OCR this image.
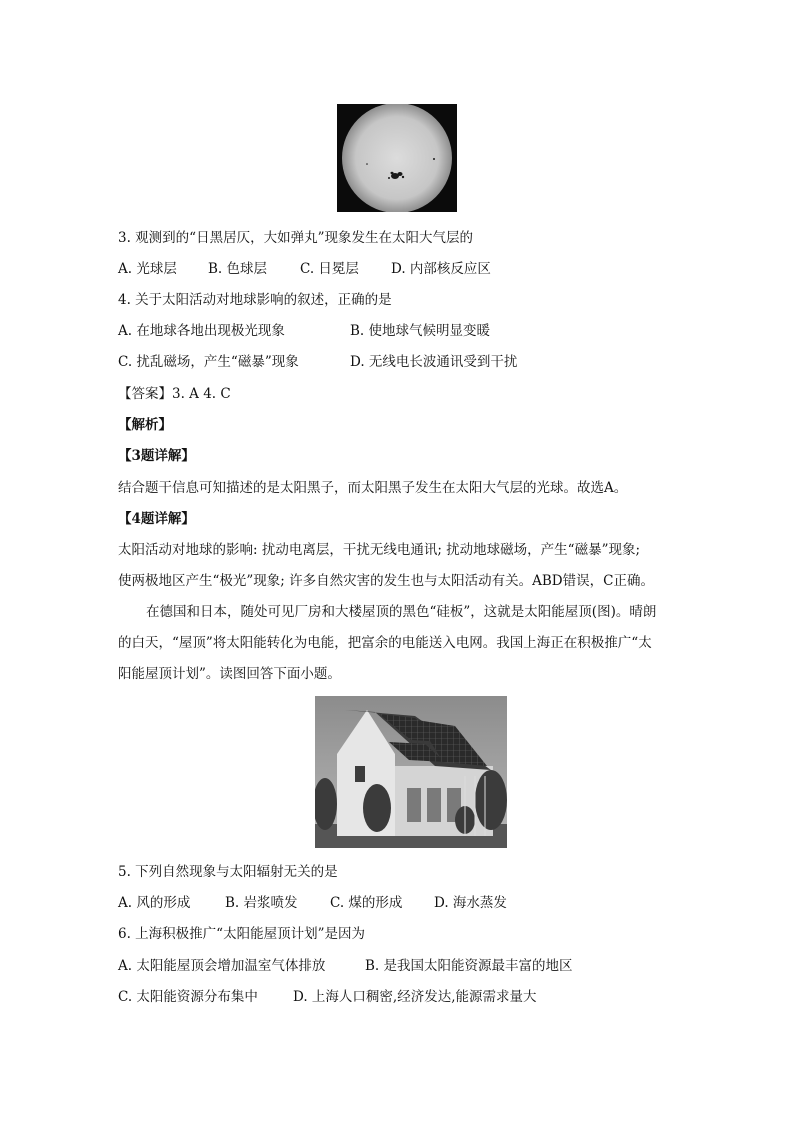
3. 观测到的“日黑居仄，大如弹丸”现象发生在太阳大气层的
A. 光球层 B. 色球层 C. 日冕层 D. 内部核反应区
4. 关于太阳活动对地球影响的叙述，正确的是
A. 在地球各地出现极光现象	B. 使地球气候明显变暖
C. 扰乱磁场，产生“磁暴”现象	D. 无线电长波通讯受到干扰
【答案】3. A 4. C
【解析】
【3题详解】
结合题干信息可知描述的是太阳黑子，而太阳黑子发生在太阳大气层的光球。故选A。
【4题详解】
太阳活动对地球的影响: 扰动电离层，干扰无线电通讯; 扰动地球磁场，产生“磁暴”现象;
使两极地区产生“极光”现象; 许多自然灾害的发生也与太阳活动有关。ABD错误，C正确。
在德国和日本，随处可见厂房和大楼屋顶的黑色“硅板”，这就是太阳能屋顶(图)。晴朗
的白天，“屋顶”将太阳能转化为电能，把富余的电能送入电网。我国上海正在积极推广“太
阳能屋顶计划”。读图回答下面小题。
5. 下列自然现象与太阳辐射无关的是
A. 风的形成	B. 岩浆喷发 C. 煤的形成 D. 海水蒸发
6. 上海积极推广“太阳能屋顶计划”是因为
A. 太阳能屋顶会增加温室气体排放	B. 是我国太阳能资源最丰富的地区
C. 太阳能资源分布集中	D. 上海人口稠密,经济发达,能源需求量大
